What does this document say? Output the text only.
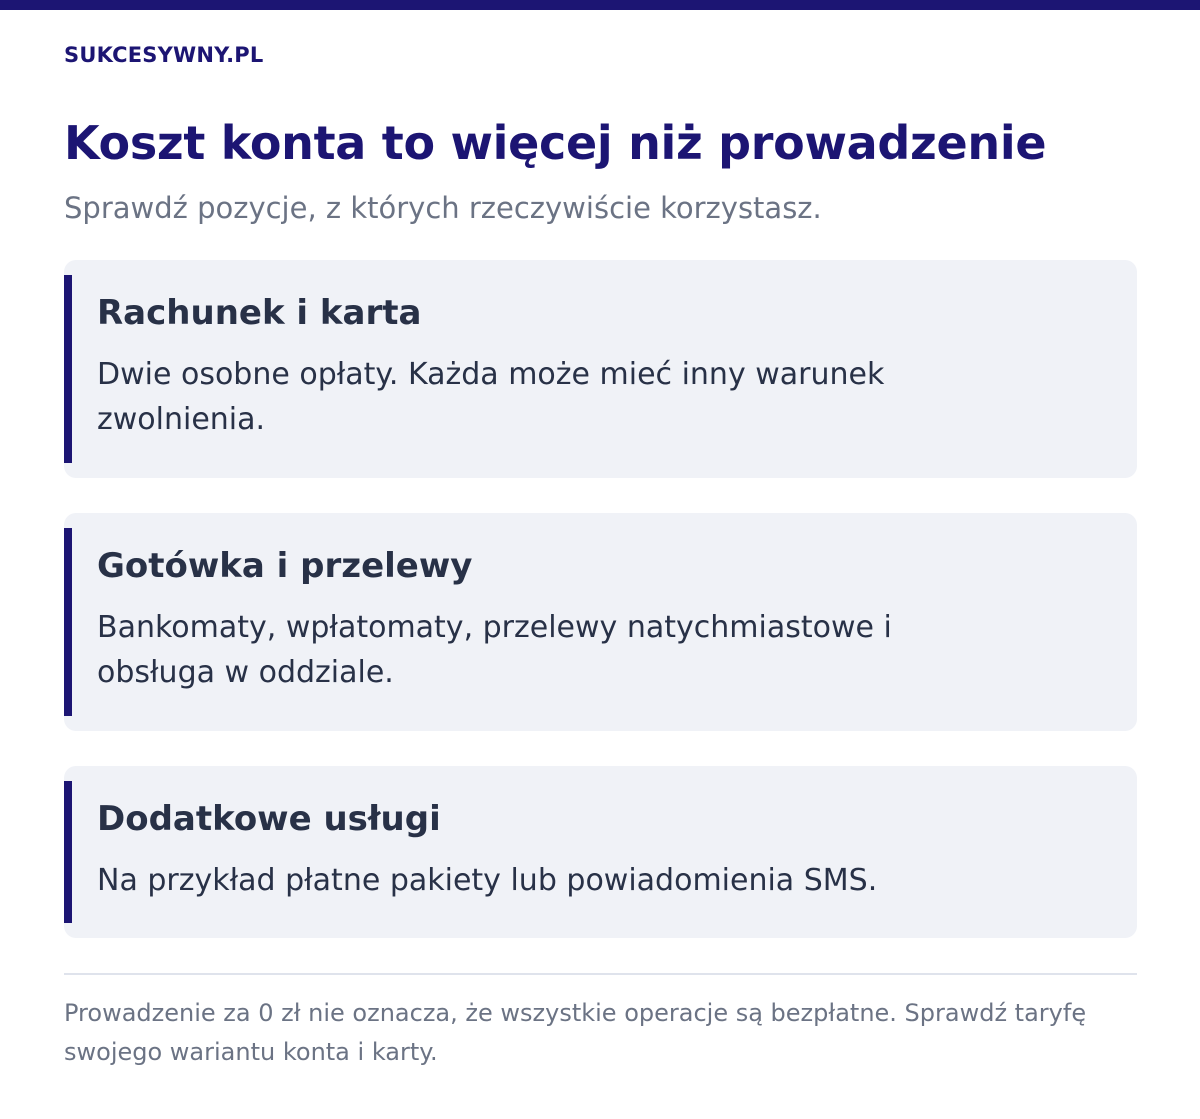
SUKCESYWNY.PL
Koszt konta to więcej niż prowadzenie
Sprawdź pozycje, z których rzeczywiście korzystasz.
Rachunek i karta
Dwie osobne opłaty. Każda może mieć inny warunek zwolnienia.
Gotówka i przelewy
Bankomaty, wpłatomaty, przelewy natychmiastowe i obsługa w oddziale.
Dodatkowe usługi
Na przykład płatne pakiety lub powiadomienia SMS.
Prowadzenie za 0 zł nie oznacza, że wszystkie operacje są bezpłatne. Sprawdź taryfę swojego wariantu konta i karty.
